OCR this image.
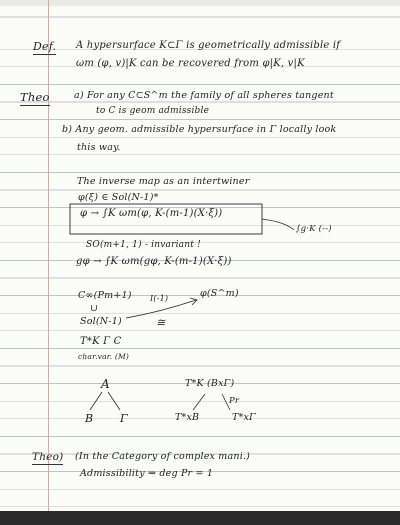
Def. A hypersurface K⊂Γ is geometrically admissible if
ωm (φ, v)|K can be recovered from φ|K, v|K
Theo	a) For any C⊂S^m the family of all spheres tangent
to C is geom admissible
b) Any geom. admissible hypersurface in Γ locally look
this way.
The inverse map as an intertwiner
φ(ξ) ∈ Sol(N-1)*
φ → ∫K ωm(φ, K-(m-1)(X·ξ))
∫g·K (--)
SO(m+1, 1) - invariant !
gφ → ∫K ωm(gφ, K-(m-1)(X·ξ))
C∞(Pm+1)
∪
Sol(N-1)
I(-1)
≅
φ(S^m)
T*K Γ C
char.var. (M)
A
B Γ
T*K (BxΓ)
T*xB	T*xΓ
Pr
Theo) (In the Category of complex mani.)
Admissibility ⇒ deg Pr = 1
